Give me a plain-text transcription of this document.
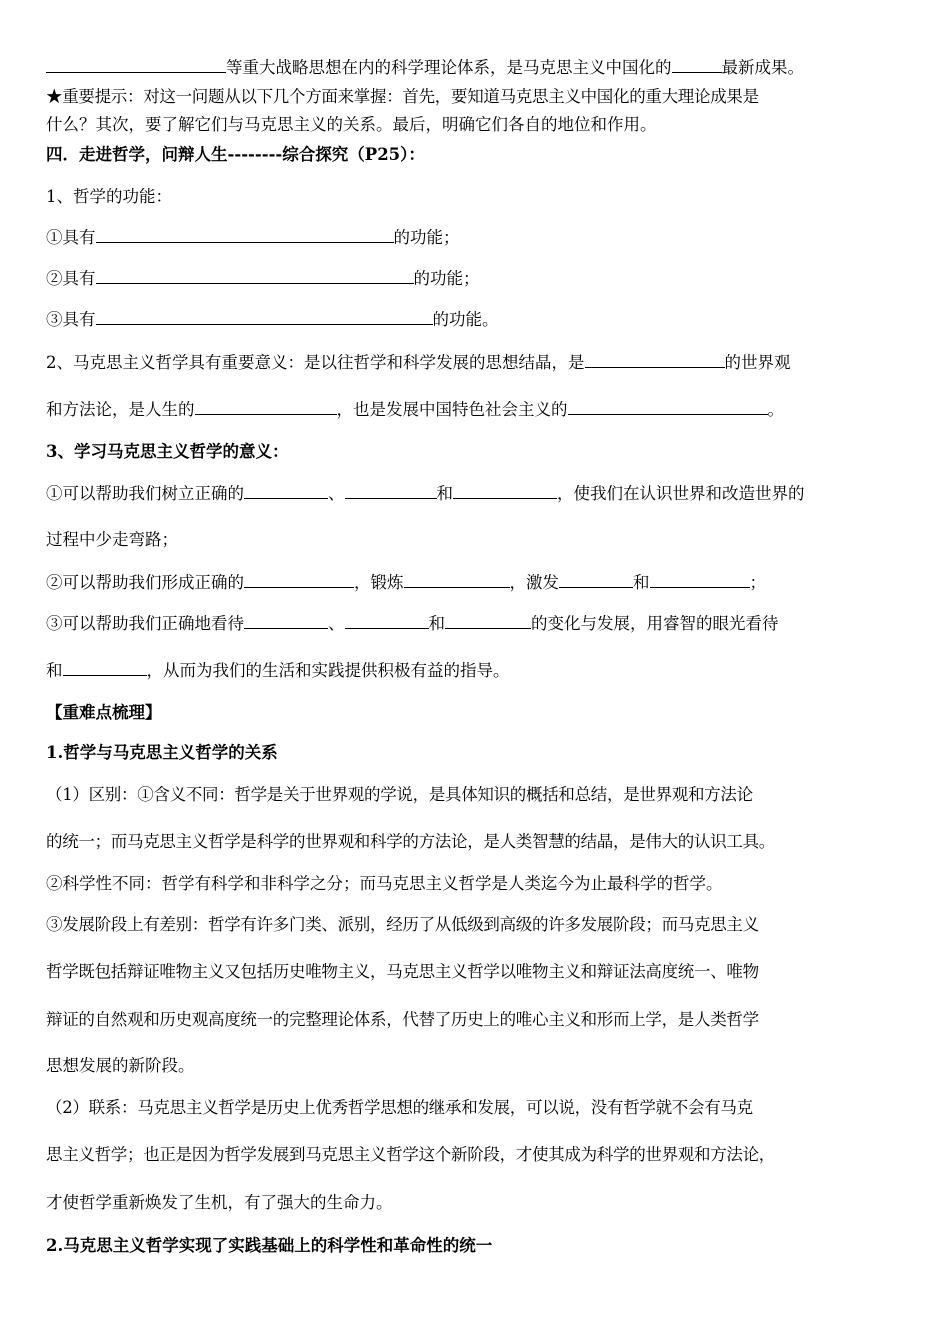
等重大战略思想在内的科学理论体系，是马克思主义中国化的	最新成果。
★重要提示：对这一问题从以下几个方面来掌握：首先，要知道马克思主义中国化的重大理论成果是
什么？其次，要了解它们与马克思主义的关系。最后，明确它们各自的地位和作用。
四．走进哲学，问辩人生--------综合探究（P25）：
1、哲学的功能：
①具有	的功能；
②具有	的功能；
③具有	的功能。
2、马克思主义哲学具有重要意义：是以往哲学和科学发展的思想结晶，是	的世界观
和方法论，是人生的	，也是发展中国特色社会主义的	。
3、学习马克思主义哲学的意义：
①可以帮助我们树立正确的	、	和	，使我们在认识世界和改造世界的
过程中少走弯路；
②可以帮助我们形成正确的	，锻炼	，激发	和	；
③可以帮助我们正确地看待	、	和	的变化与发展，用睿智的眼光看待
和	，从而为我们的生活和实践提供积极有益的指导。
【重难点梳理】
1.哲学与马克思主义哲学的关系
（1）区别：①含义不同：哲学是关于世界观的学说，是具体知识的概括和总结，是世界观和方法论
的统一；而马克思主义哲学是科学的世界观和科学的方法论，是人类智慧的结晶，是伟大的认识工具。
②科学性不同：哲学有科学和非科学之分；而马克思主义哲学是人类迄今为止最科学的哲学。
③发展阶段上有差别：哲学有许多门类、派别，经历了从低级到高级的许多发展阶段；而马克思主义
哲学既包括辩证唯物主义又包括历史唯物主义，马克思主义哲学以唯物主义和辩证法高度统一、唯物
辩证的自然观和历史观高度统一的完整理论体系，代替了历史上的唯心主义和形而上学，是人类哲学
思想发展的新阶段。
（2）联系：马克思主义哲学是历史上优秀哲学思想的继承和发展，可以说，没有哲学就不会有马克
思主义哲学；也正是因为哲学发展到马克思主义哲学这个新阶段，才使其成为科学的世界观和方法论，
才使哲学重新焕发了生机，有了强大的生命力。
2.马克思主义哲学实现了实践基础上的科学性和革命性的统一
